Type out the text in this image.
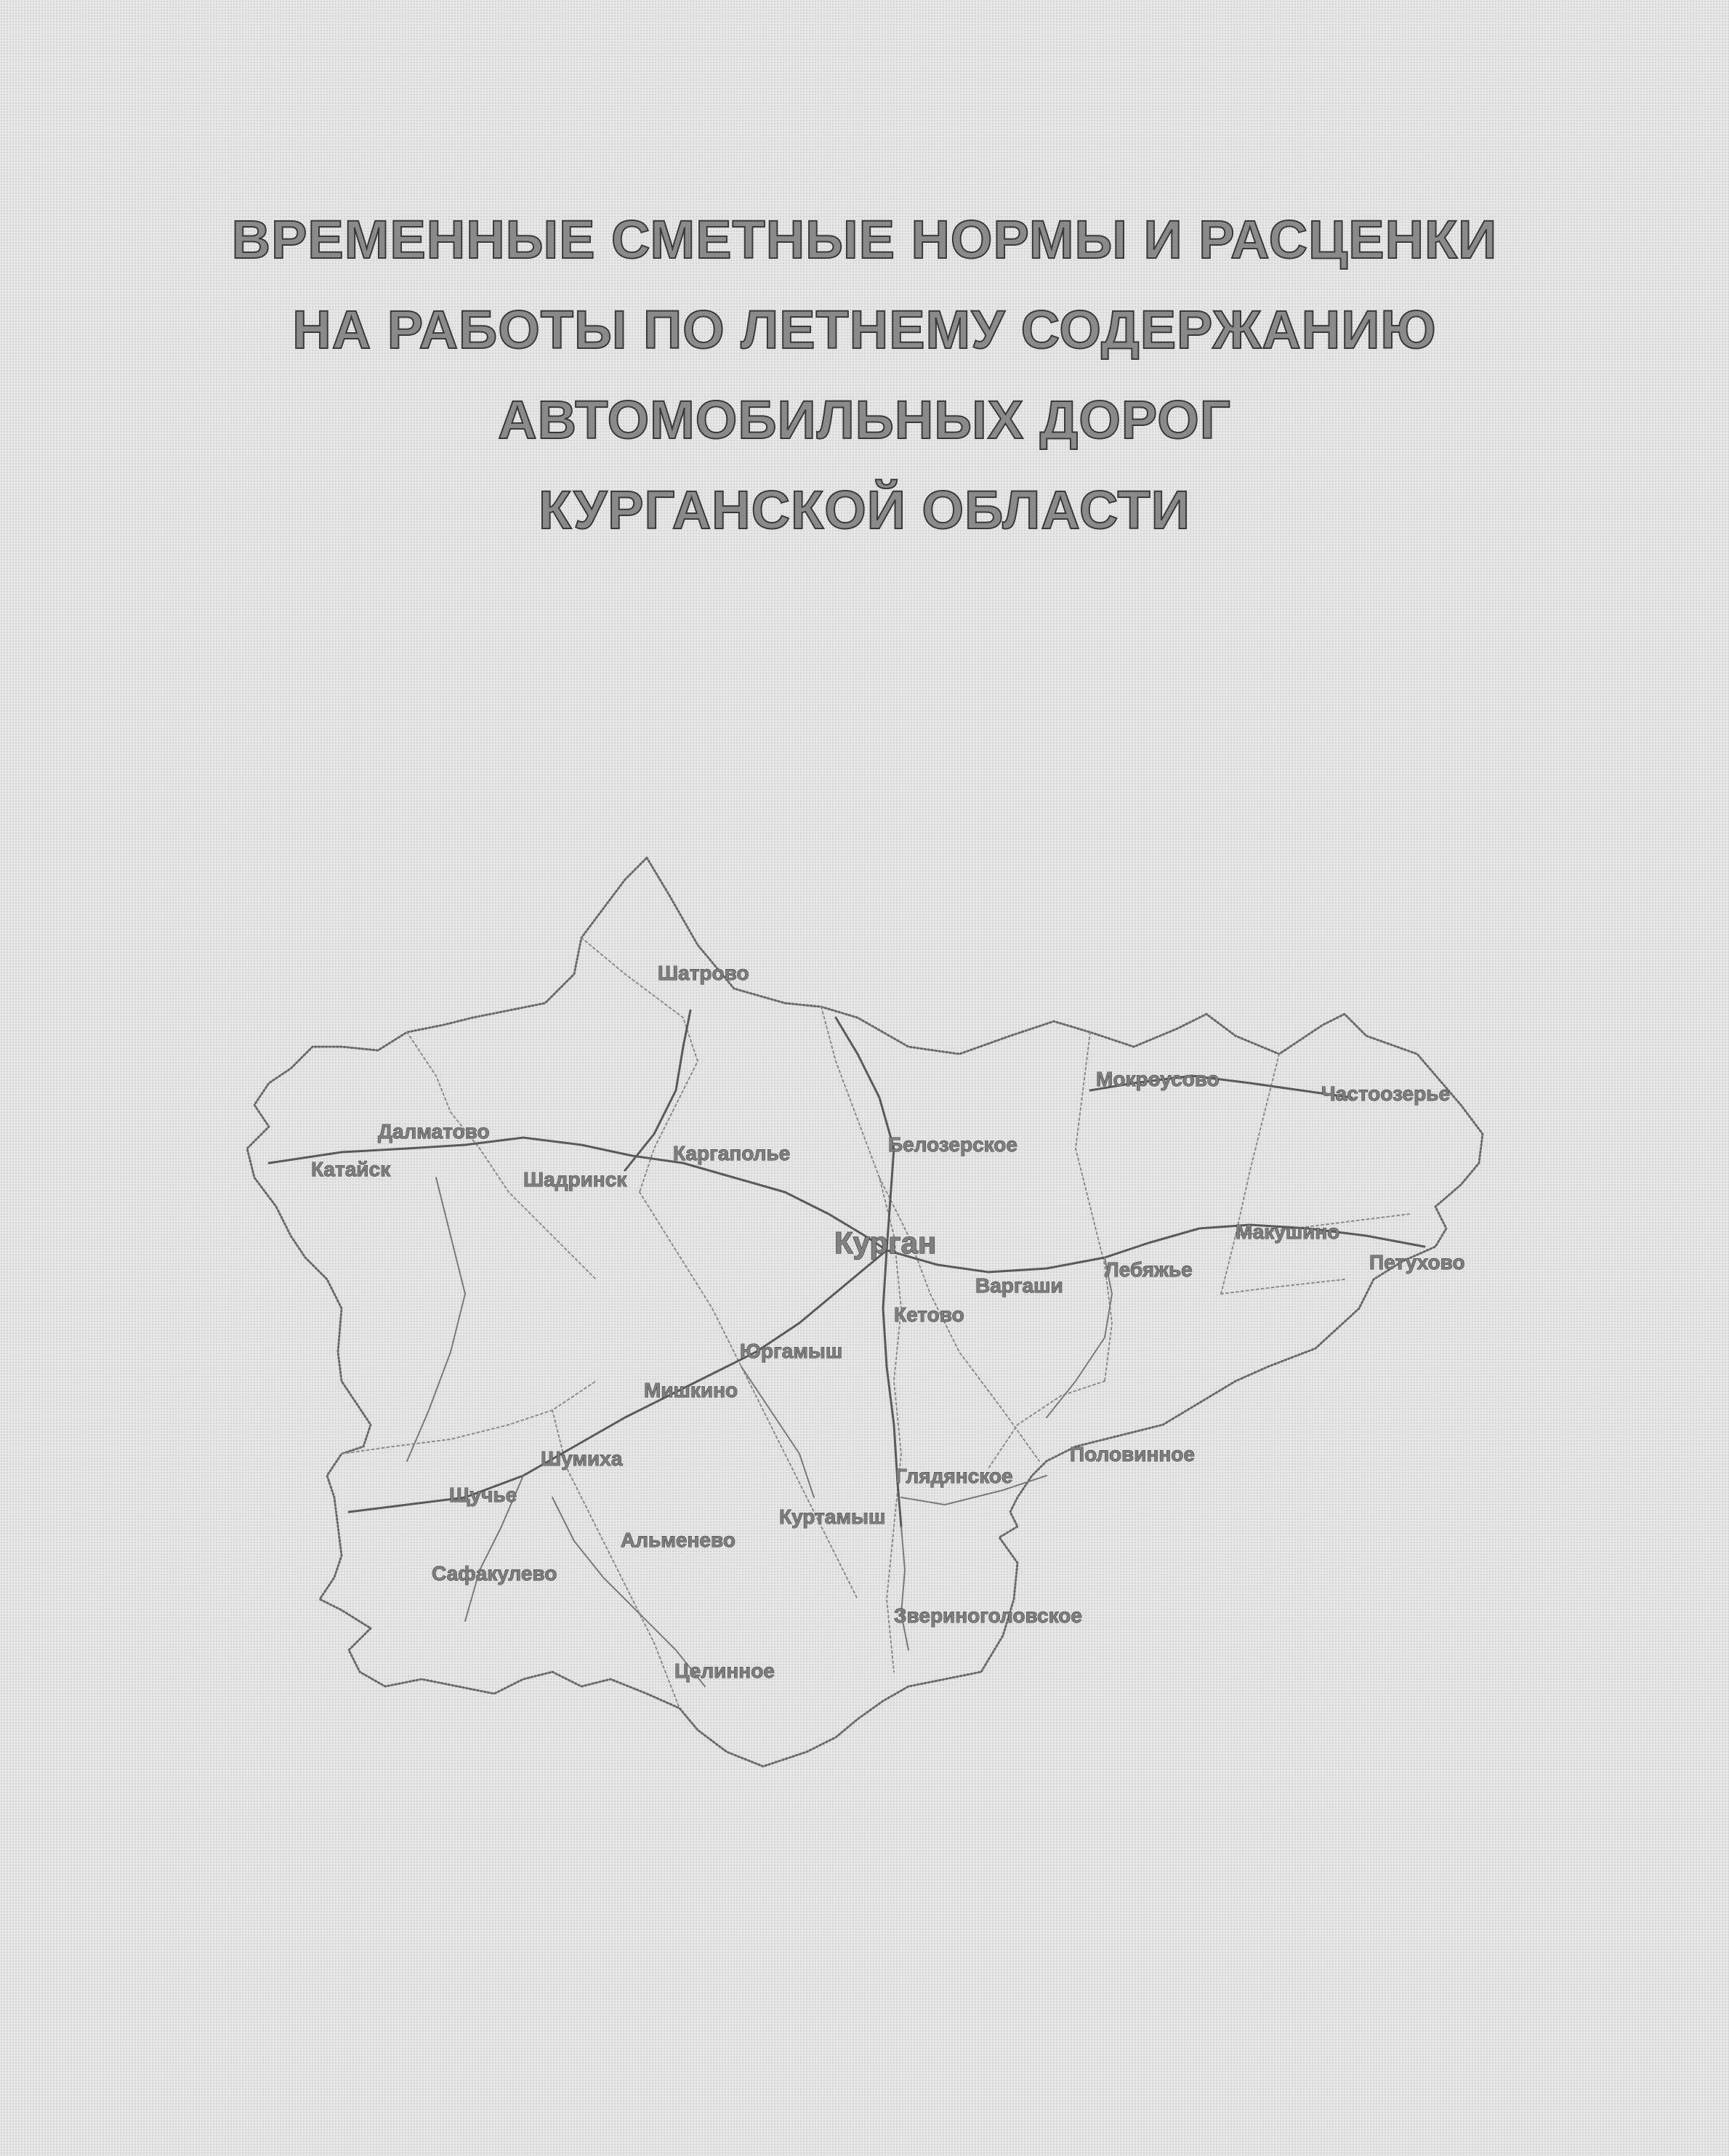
ВРЕМЕННЫЕ СМЕТНЫЕ НОРМЫ И РАСЦЕНКИ
НА РАБОТЫ ПО ЛЕТНЕМУ СОДЕРЖАНИЮ
АВТОМОБИЛЬНЫХ ДОРОГ
КУРГАНСКОЙ ОБЛАСТИ
Шатрово
Мокроусово
Частоозерье
Далматово
Катайск	Шадринск
Каргаполье	Белозерское
Курган	Макушино
Петухово
Лебяжье
Варгаши
Кетово
Юргамыш
Мишкино
Шумиха
Щучье
Половинное
Глядянское
Куртамыш
Альменево
Сафакулево
Звериноголовское
Целинное
